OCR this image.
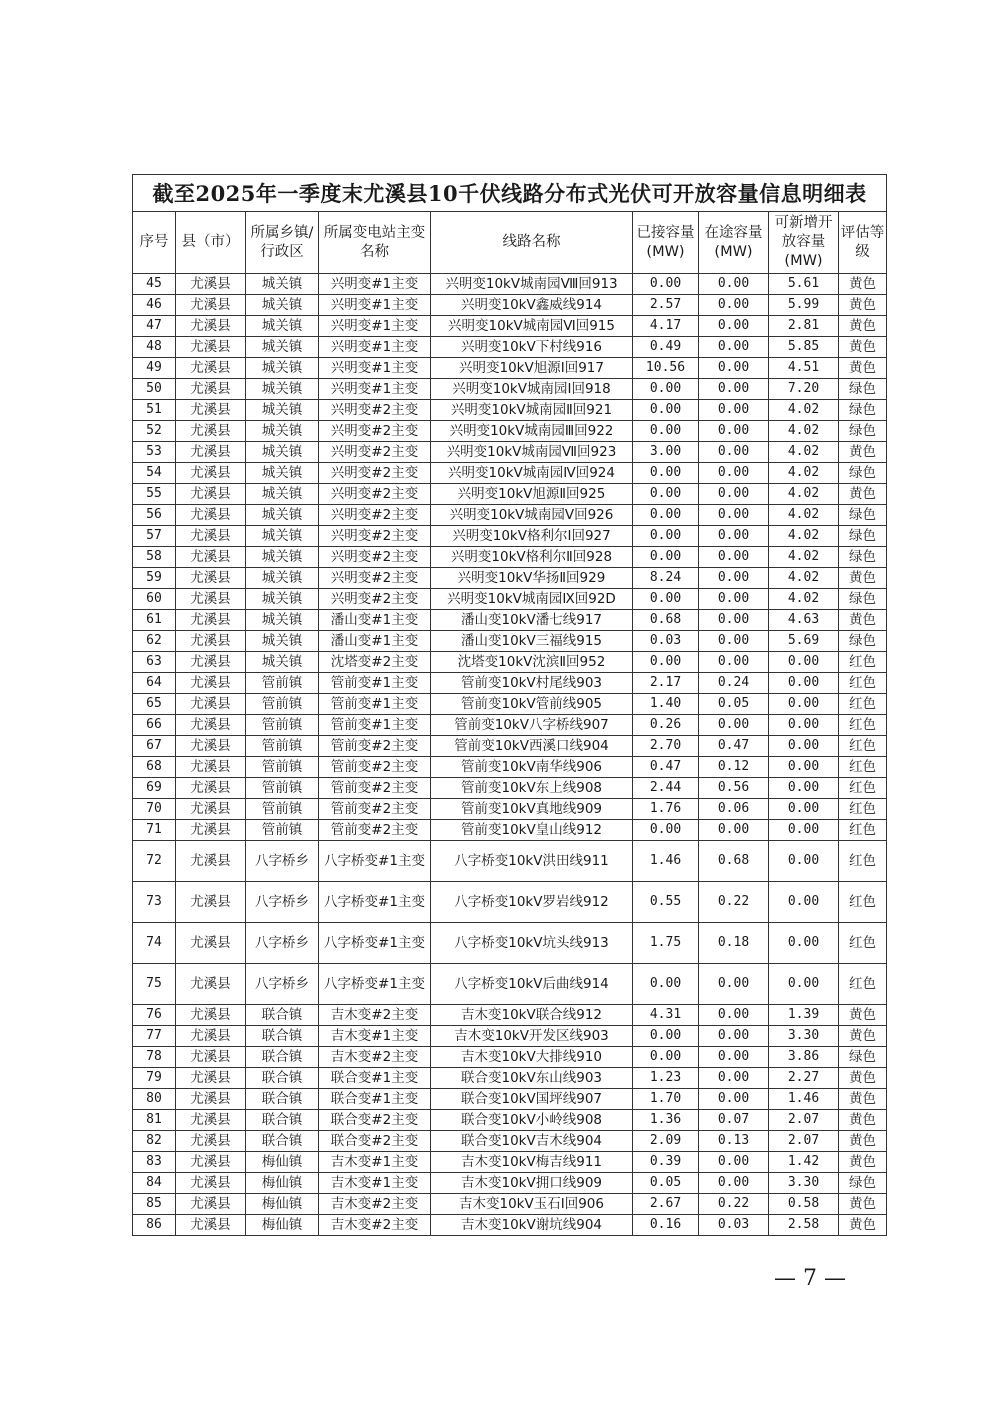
截至2025年一季度末尤溪县10千伏线路分布式光伏可开放容量信息明细表								
序号	县（市）	所属乡镇/行政区	所属变电站主变名称	线路名称	已接容量(MW)	在途容量(MW)	可新增开放容量(MW)	评估等级
45	尤溪县	城关镇	兴明变#1主变	兴明变10kV城南园Ⅷ回913	0.00	0.00	5.61	黄色
46	尤溪县	城关镇	兴明变#1主变	兴明变10kV鑫威线914	2.57	0.00	5.99	黄色
47	尤溪县	城关镇	兴明变#1主变	兴明变10kV城南园Ⅵ回915	4.17	0.00	2.81	黄色
48	尤溪县	城关镇	兴明变#1主变	兴明变10kV下村线916	0.49	0.00	5.85	黄色
49	尤溪县	城关镇	兴明变#1主变	兴明变10kV旭源Ⅰ回917	10.56	0.00	4.51	黄色
50	尤溪县	城关镇	兴明变#1主变	兴明变10kV城南园Ⅰ回918	0.00	0.00	7.20	绿色
51	尤溪县	城关镇	兴明变#2主变	兴明变10kV城南园Ⅱ回921	0.00	0.00	4.02	绿色
52	尤溪县	城关镇	兴明变#2主变	兴明变10kV城南园Ⅲ回922	0.00	0.00	4.02	绿色
53	尤溪县	城关镇	兴明变#2主变	兴明变10kV城南园Ⅶ回923	3.00	0.00	4.02	黄色
54	尤溪县	城关镇	兴明变#2主变	兴明变10kV城南园Ⅳ回924	0.00	0.00	4.02	绿色
55	尤溪县	城关镇	兴明变#2主变	兴明变10kV旭源Ⅱ回925	0.00	0.00	4.02	黄色
56	尤溪县	城关镇	兴明变#2主变	兴明变10kV城南园Ⅴ回926	0.00	0.00	4.02	绿色
57	尤溪县	城关镇	兴明变#2主变	兴明变10kV格利尔Ⅰ回927	0.00	0.00	4.02	绿色
58	尤溪县	城关镇	兴明变#2主变	兴明变10kV格利尔Ⅱ回928	0.00	0.00	4.02	绿色
59	尤溪县	城关镇	兴明变#2主变	兴明变10kV华扬Ⅱ回929	8.24	0.00	4.02	黄色
60	尤溪县	城关镇	兴明变#2主变	兴明变10kV城南园Ⅸ回92D	0.00	0.00	4.02	绿色
61	尤溪县	城关镇	潘山变#1主变	潘山变10kV潘七线917	0.68	0.00	4.63	黄色
62	尤溪县	城关镇	潘山变#1主变	潘山变10kV三福线915	0.03	0.00	5.69	绿色
63	尤溪县	城关镇	沈塔变#2主变	沈塔变10kV沈滨Ⅱ回952	0.00	0.00	0.00	红色
64	尤溪县	管前镇	管前变#1主变	管前变10kV村尾线903	2.17	0.24	0.00	红色
65	尤溪县	管前镇	管前变#1主变	管前变10kV管前线905	1.40	0.05	0.00	红色
66	尤溪县	管前镇	管前变#1主变	管前变10kV八字桥线907	0.26	0.00	0.00	红色
67	尤溪县	管前镇	管前变#2主变	管前变10kV西溪口线904	2.70	0.47	0.00	红色
68	尤溪县	管前镇	管前变#2主变	管前变10kV南华线906	0.47	0.12	0.00	红色
69	尤溪县	管前镇	管前变#2主变	管前变10kV东上线908	2.44	0.56	0.00	红色
70	尤溪县	管前镇	管前变#2主变	管前变10kV真地线909	1.76	0.06	0.00	红色
71	尤溪县	管前镇	管前变#2主变	管前变10kV皇山线912	0.00	0.00	0.00	红色
72	尤溪县	八字桥乡	八字桥变#1主变	八字桥变10kV洪田线911	1.46	0.68	0.00	红色
73	尤溪县	八字桥乡	八字桥变#1主变	八字桥变10kV罗岩线912	0.55	0.22	0.00	红色
74	尤溪县	八字桥乡	八字桥变#1主变	八字桥变10kV坑头线913	1.75	0.18	0.00	红色
75	尤溪县	八字桥乡	八字桥变#1主变	八字桥变10kV后曲线914	0.00	0.00	0.00	红色
76	尤溪县	联合镇	吉木变#2主变	吉木变10kV联合线912	4.31	0.00	1.39	黄色
77	尤溪县	联合镇	吉木变#1主变	吉木变10kV开发区线903	0.00	0.00	3.30	黄色
78	尤溪县	联合镇	吉木变#2主变	吉木变10kV大排线910	0.00	0.00	3.86	绿色
79	尤溪县	联合镇	联合变#1主变	联合变10kV东山线903	1.23	0.00	2.27	黄色
80	尤溪县	联合镇	联合变#1主变	联合变10kV国坪线907	1.70	0.00	1.46	黄色
81	尤溪县	联合镇	联合变#2主变	联合变10kV小岭线908	1.36	0.07	2.07	黄色
82	尤溪县	联合镇	联合变#2主变	联合变10kV吉木线904	2.09	0.13	2.07	黄色
83	尤溪县	梅仙镇	吉木变#1主变	吉木变10kV梅吉线911	0.39	0.00	1.42	黄色
84	尤溪县	梅仙镇	吉木变#1主变	吉木变10kV拥口线909	0.05	0.00	3.30	绿色
85	尤溪县	梅仙镇	吉木变#2主变	吉木变10kV玉石Ⅰ回906	2.67	0.22	0.58	黄色
86	尤溪县	梅仙镇	吉木变#2主变	吉木变10kV谢坑线904	0.16	0.03	2.58	黄色
— 7 —
